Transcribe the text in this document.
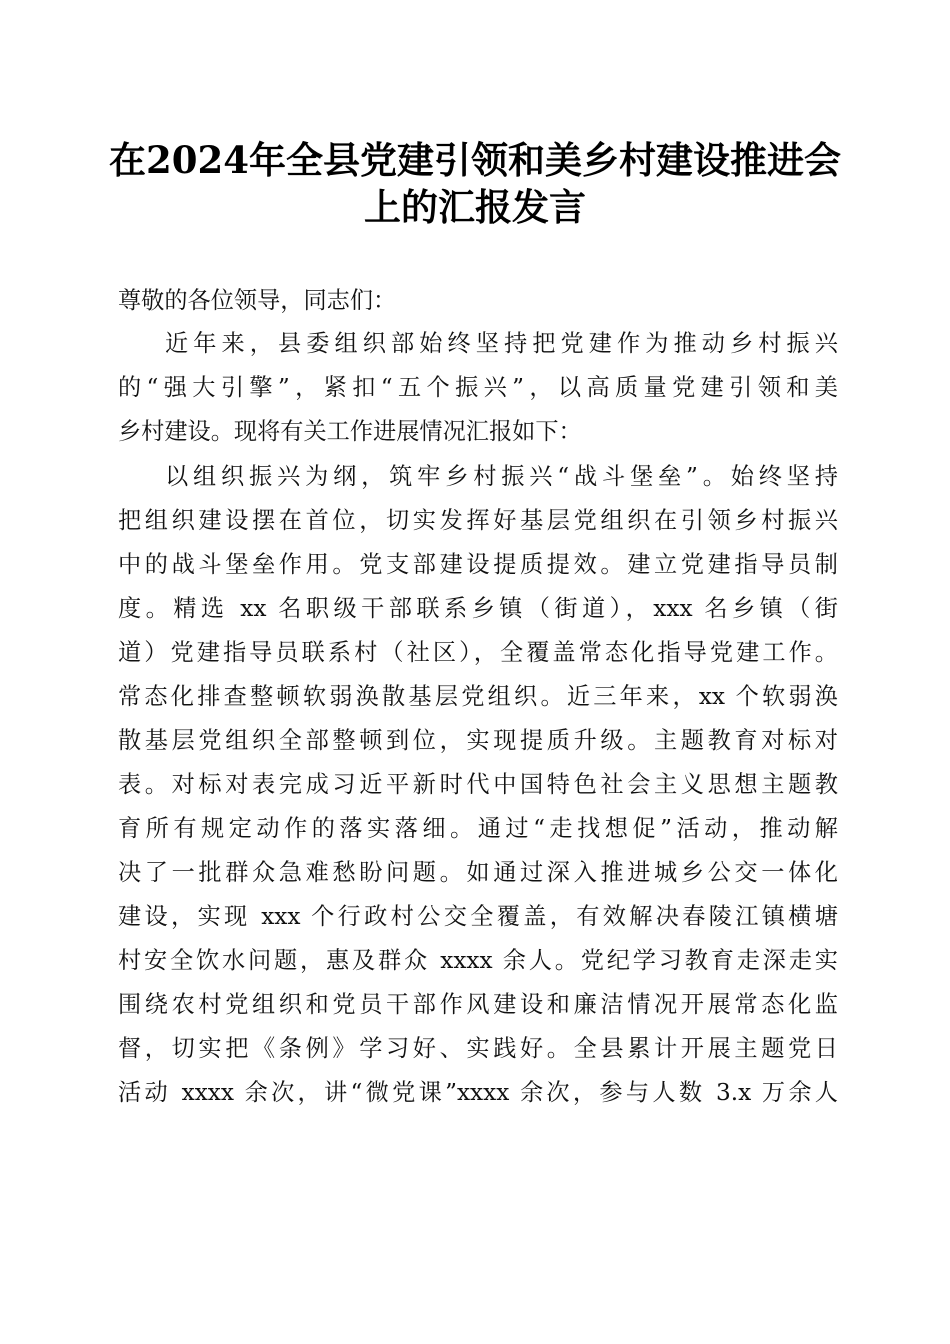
在2024年全县党建引领和美乡村建设推进会
上的汇报发言
尊敬的各位领导，同志们：
近年来，县委组织部始终坚持把党建作为推动乡村振兴
的“强大引擎”，紧扣“五个振兴”，以高质量党建引领和美
乡村建设。现将有关工作进展情况汇报如下：
以组织振兴为纲，筑牢乡村振兴“战斗堡垒”。始终坚持
把组织建设摆在首位，切实发挥好基层党组织在引领乡村振兴
中的战斗堡垒作用。党支部建设提质提效。建立党建指导员制
度。精选 xx 名职级干部联系乡镇（街道），xxx 名乡镇（街
道）党建指导员联系村（社区），全覆盖常态化指导党建工作。
常态化排查整顿软弱涣散基层党组织。近三年来，xx 个软弱涣
散基层党组织全部整顿到位，实现提质升级。主题教育对标对
表。对标对表完成习近平新时代中国特色社会主义思想主题教
育所有规定动作的落实落细。通过“走找想促”活动，推动解
决了一批群众急难愁盼问题。如通过深入推进城乡公交一体化
建设，实现 xxx 个行政村公交全覆盖，有效解决春陵江镇横塘
村安全饮水问题，惠及群众 xxxx 余人。党纪学习教育走深走实
围绕农村党组织和党员干部作风建设和廉洁情况开展常态化监
督，切实把《条例》学习好、实践好。全县累计开展主题党日
活动 xxxx 余次，讲“微党课”xxxx 余次，参与人数 3.x 万余人
